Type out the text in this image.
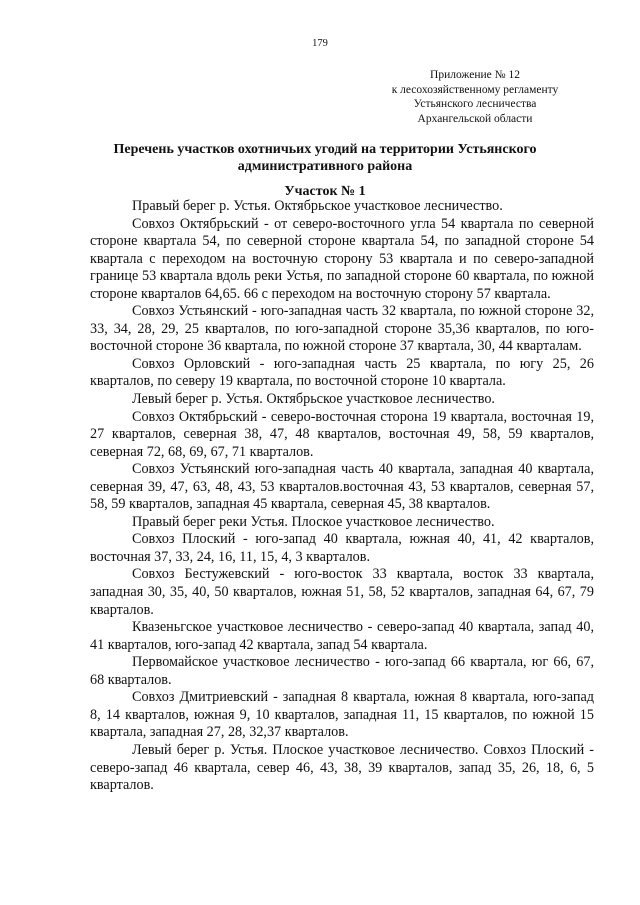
179
Приложение № 12
к лесохозяйственному регламенту
Устьянского лесничества
Архангельской области
Перечень участков охотничьих угодий на территории Устьянского
административного района
Участок № 1

Правый берег р. Устья. Октябрьское участковое лесничество.

Совхоз Октябрьский - от северо-восточного угла 54 квартала по северной стороне квартала 54, по северной стороне квартала 54, по западной стороне 54 квартала с переходом на восточную сторону 53 квартала и по северо-западной границе 53 квартала вдоль реки Устья, по западной стороне 60 квартала, по южной стороне кварталов 64,65. 66 с переходом на восточную сторону 57 квартала.

Совхоз Устьянский - юго-западная часть 32 квартала, по южной стороне 32, 33, 34, 28, 29, 25 кварталов, по юго-западной стороне 35,36 кварталов, по юго-восточной стороне 36 квартала, по южной стороне 37 квартала, 30, 44 кварталам.

Совхоз Орловский - юго-западная часть 25 квартала, по югу 25, 26 кварталов, по северу 19 квартала, по восточной стороне 10 квартала.

Левый берег р. Устья. Октябрьское участковое лесничество.

Совхоз Октябрьский - северо-восточная сторона 19 квартала, восточная 19, 27 кварталов, северная 38, 47, 48 кварталов, восточная 49, 58, 59 кварталов, северная 72, 68, 69, 67, 71 кварталов.

Совхоз Устьянский юго-западная часть 40 квартала, западная 40 квартала, северная 39, 47, 63, 48, 43, 53 кварталов.восточная 43, 53 кварталов, северная 57, 58, 59 кварталов, западная 45 квартала, северная 45, 38 кварталов.

Правый берег реки Устья. Плоское участковое лесничество.

Совхоз Плоский - юго-запад 40 квартала, южная 40, 41, 42 кварталов, восточная 37, 33, 24, 16, 11, 15, 4, 3 кварталов.

Совхоз Бестужевский - юго-восток 33 квартала, восток 33 квартала, западная 30, 35, 40, 50 кварталов, южная 51, 58, 52 кварталов, западная 64, 67, 79 кварталов.

Квазеньгское участковое лесничество - северо-запад 40 квартала, запад 40, 41 кварталов, юго-запад 42 квартала, запад 54 квартала.

Первомайское участковое лесничество - юго-запад 66 квартала, юг 66, 67, 68 кварталов.

Совхоз Дмитриевский - западная 8 квартала, южная 8 квартала, юго-запад 8, 14 кварталов, южная 9, 10 кварталов, западная 11, 15 кварталов, по южной 15 квартала, западная 27, 28, 32,37 кварталов.

Левый берег р. Устья. Плоское участковое лесничество. Совхоз Плоский - северо-запад 46 квартала, север 46, 43, 38, 39 кварталов, запад 35, 26, 18, 6, 5 кварталов.
